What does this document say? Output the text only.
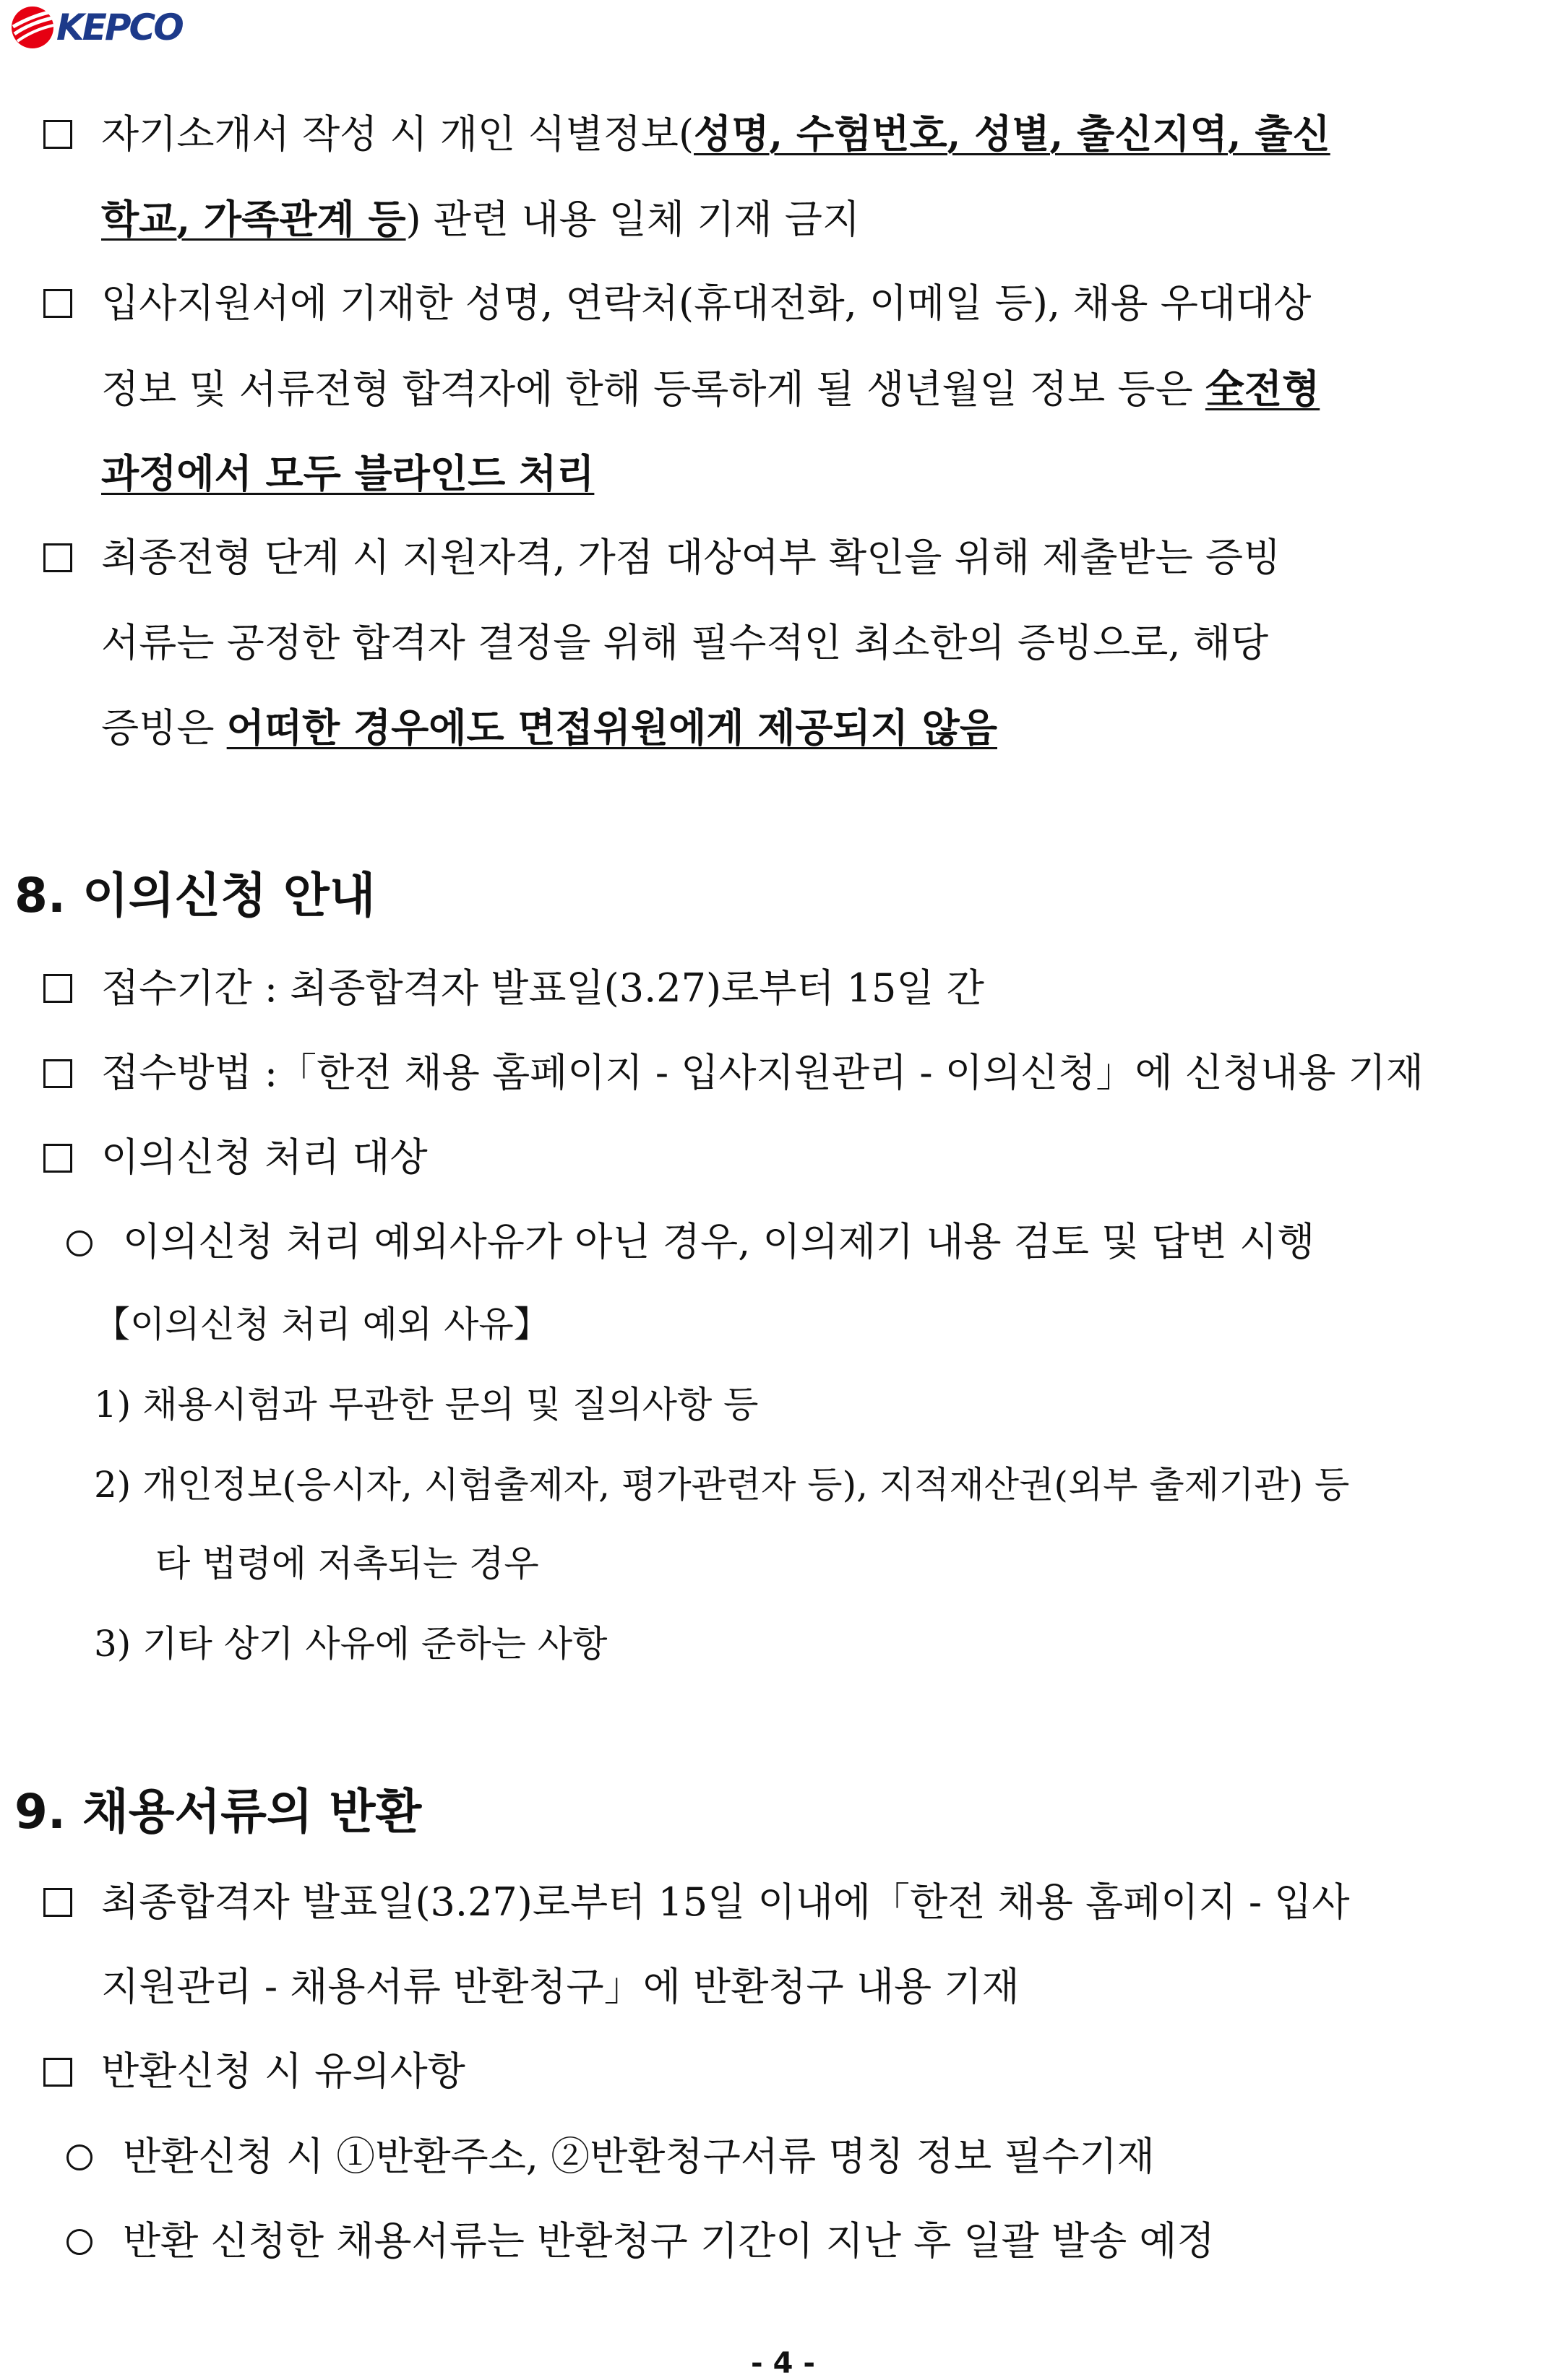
KEPCO
자기소개서 작성 시 개인 식별정보(성명, 수험번호, 성별, 출신지역, 출신
학교, 가족관계 등) 관련 내용 일체 기재 금지
입사지원서에 기재한 성명, 연락처(휴대전화, 이메일 등), 채용 우대대상
정보 및 서류전형 합격자에 한해 등록하게 될 생년월일 정보 등은 全전형
과정에서 모두 블라인드 처리
최종전형 단계 시 지원자격, 가점 대상여부 확인을 위해 제출받는 증빙
서류는 공정한 합격자 결정을 위해 필수적인 최소한의 증빙으로, 해당
증빙은 어떠한 경우에도 면접위원에게 제공되지 않음
8. 이의신청 안내
접수기간 : 최종합격자 발표일(3.27)로부터 15일 간
접수방법 :「한전 채용 홈페이지 - 입사지원관리 - 이의신청」에 신청내용 기재
이의신청 처리 대상
이의신청 처리 예외사유가 아닌 경우, 이의제기 내용 검토 및 답변 시행
【이의신청 처리 예외 사유】
1) 채용시험과 무관한 문의 및 질의사항 등
2) 개인정보(응시자, 시험출제자, 평가관련자 등), 지적재산권(외부 출제기관) 등
타 법령에 저촉되는 경우
3) 기타 상기 사유에 준하는 사항
9. 채용서류의 반환
최종합격자 발표일(3.27)로부터 15일 이내에「한전 채용 홈페이지 - 입사
지원관리 - 채용서류 반환청구」에 반환청구 내용 기재
반환신청 시 유의사항
반환신청 시 ①반환주소, ②반환청구서류 명칭 정보 필수기재
반환 신청한 채용서류는 반환청구 기간이 지난 후 일괄 발송 예정
- 4 -
